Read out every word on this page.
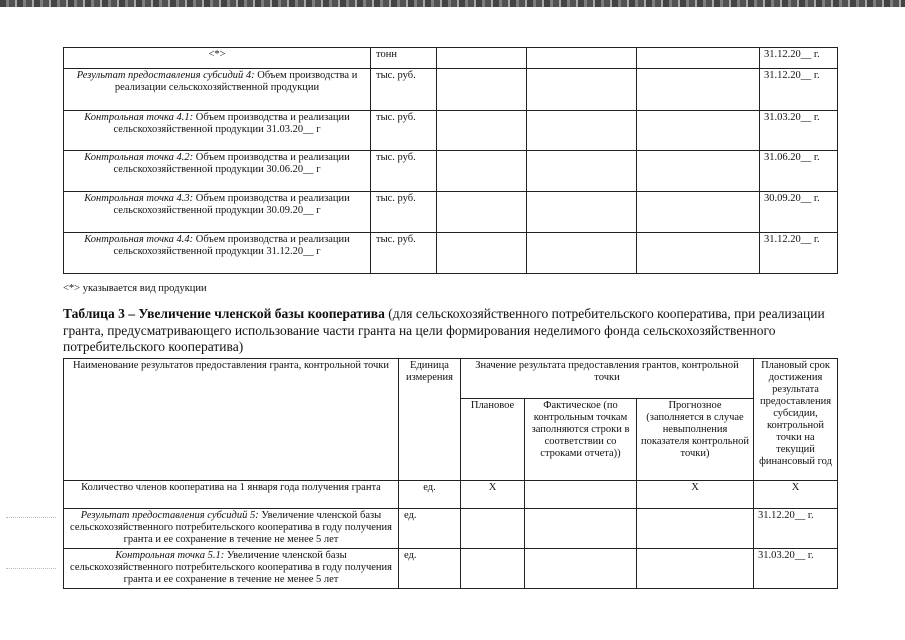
<*>	тонн				31.12.20__ г.
Результат предоставления субсидий 4: Объем производства и реализации сельскохозяйственной продукции	тыс. руб.				31.12.20__ г.
Контрольная точка 4.1: Объем производства и реализации сельскохозяйственной продукции 31.03.20__ г	тыс. руб.				31.03.20__ г.
Контрольная точка 4.2: Объем производства и реализации сельскохозяйственной продукции 30.06.20__ г	тыс. руб.				31.06.20__ г.
Контрольная точка 4.3: Объем производства и реализации сельскохозяйственной продукции 30.09.20__ г	тыс. руб.				30.09.20__ г.
Контрольная точка 4.4: Объем производства и реализации сельскохозяйственной продукции 31.12.20__ г	тыс. руб.				31.12.20__ г.
<*> указывается вид продукции
Таблица 3 – Увеличение членской базы кооператива (для сельскохозяйственного потребительского кооператива, при реализации гранта, предусматривающего использование части гранта на цели формирования неделимого фонда сельскохозяйственного потребительского кооператива)
Наименование результатов предоставления гранта, контрольной точки	Единица измерения	Значение результата предоставления грантов, контрольной точки			Плановый срок достижения результата предоставления субсидии, контрольной точки на текущий финансовый год
		Плановое	Фактическое (по контрольным точкам заполняются строки в соответствии со строками отчета))	Прогнозное (заполняется в случае невыполнения показателя контрольной точки)	
Количество членов кооператива на 1 января года получения гранта	ед.	X		X	X
Результат предоставления субсидий 5: Увеличение членской базы сельскохозяйственного потребительского кооператива в году получения гранта и ее сохранение в течение не менее 5 лет	ед.				31.12.20__ г.
Контрольная точка 5.1: Увеличение членской базы сельскохозяйственного потребительского кооператива в году получения гранта и ее сохранение в течение не менее 5 лет	ед.				31.03.20__ г.
